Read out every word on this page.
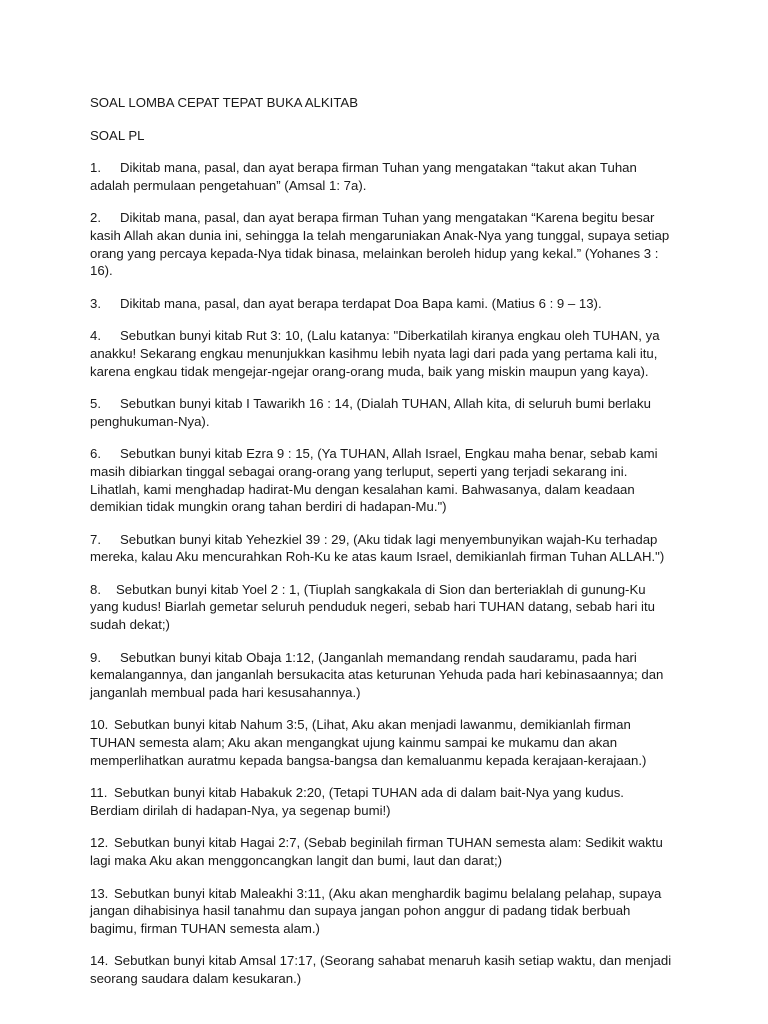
SOAL LOMBA CEPAT TEPAT BUKA ALKITAB

SOAL PL

1. Dikitab mana, pasal, dan ayat berapa firman Tuhan yang mengatakan “takut akan Tuhan adalah permulaan pengetahuan” (Amsal 1: 7a).

2. Dikitab mana, pasal, dan ayat berapa firman Tuhan yang mengatakan “Karena begitu besar kasih Allah akan dunia ini, sehingga Ia telah mengaruniakan Anak-Nya yang tunggal, supaya setiap orang yang percaya kepada-Nya tidak binasa, melainkan beroleh hidup yang kekal.” (Yohanes 3 : 16).

3. Dikitab mana, pasal, dan ayat berapa terdapat Doa Bapa kami. (Matius 6 : 9 – 13).

4. Sebutkan bunyi kitab Rut 3: 10, (Lalu katanya: "Diberkatilah kiranya engkau oleh TUHAN, ya anakku! Sekarang engkau menunjukkan kasihmu lebih nyata lagi dari pada yang pertama kali itu, karena engkau tidak mengejar-ngejar orang-orang muda, baik yang miskin maupun yang kaya).

5. Sebutkan bunyi kitab I Tawarikh 16 : 14, (Dialah TUHAN, Allah kita, di seluruh bumi berlaku penghukuman-Nya).

6. Sebutkan bunyi kitab Ezra 9 : 15, (Ya TUHAN, Allah Israel, Engkau maha benar, sebab kami masih dibiarkan tinggal sebagai orang-orang yang terluput, seperti yang terjadi sekarang ini. Lihatlah, kami menghadap hadirat-Mu dengan kesalahan kami. Bahwasanya, dalam keadaan demikian tidak mungkin orang tahan berdiri di hadapan-Mu.")

7. Sebutkan bunyi kitab Yehezkiel 39 : 29, (Aku tidak lagi menyembunyikan wajah-Ku terhadap mereka, kalau Aku mencurahkan Roh-Ku ke atas kaum Israel, demikianlah firman Tuhan ALLAH.")

8. Sebutkan bunyi kitab Yoel 2 : 1, (Tiuplah sangkakala di Sion dan berteriaklah di gunung-Ku yang kudus! Biarlah gemetar seluruh penduduk negeri, sebab hari TUHAN datang, sebab hari itu sudah dekat;)

9. Sebutkan bunyi kitab Obaja 1:12, (Janganlah memandang rendah saudaramu, pada hari kemalangannya, dan janganlah bersukacita atas keturunan Yehuda pada hari kebinasaannya; dan janganlah membual pada hari kesusahannya.)

10. Sebutkan bunyi kitab Nahum 3:5, (Lihat, Aku akan menjadi lawanmu, demikianlah firman TUHAN semesta alam; Aku akan mengangkat ujung kainmu sampai ke mukamu dan akan memperlihatkan auratmu kepada bangsa-bangsa dan kemaluanmu kepada kerajaan-kerajaan.)

11. Sebutkan bunyi kitab Habakuk 2:20, (Tetapi TUHAN ada di dalam bait-Nya yang kudus. Berdiam dirilah di hadapan-Nya, ya segenap bumi!)

12. Sebutkan bunyi kitab Hagai 2:7, (Sebab beginilah firman TUHAN semesta alam: Sedikit waktu lagi maka Aku akan menggoncangkan langit dan bumi, laut dan darat;)

13. Sebutkan bunyi kitab Maleakhi 3:11, (Aku akan menghardik bagimu belalang pelahap, supaya jangan dihabisinya hasil tanahmu dan supaya jangan pohon anggur di padang tidak berbuah bagimu, firman TUHAN semesta alam.)

14. Sebutkan bunyi kitab Amsal 17:17, (Seorang sahabat menaruh kasih setiap waktu, dan menjadi seorang saudara dalam kesukaran.)
